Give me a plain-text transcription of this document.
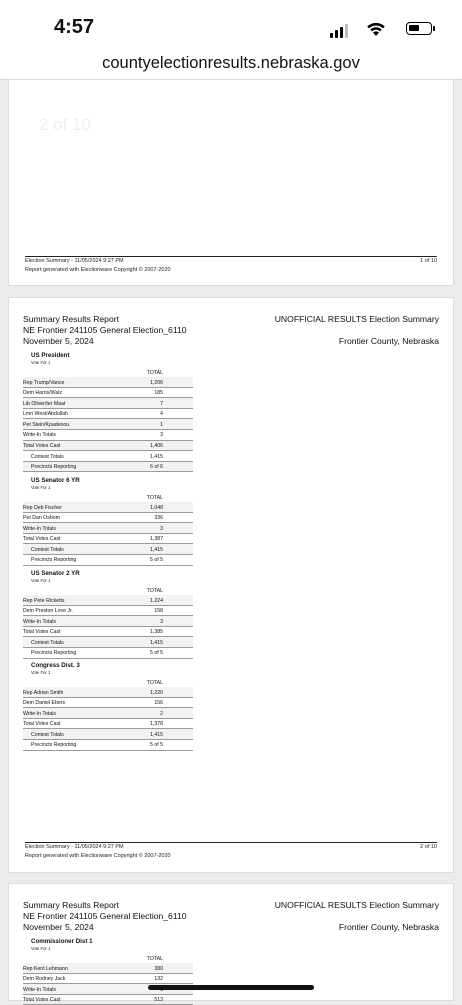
4:57
countyelectionresults.nebraska.gov
2 of 10
Election Summary - 11/05/2024 9:27 PM
Report generated with Electionware Copyright © 2007-2020
1 of 10
Summary Results Report
NE Frontier 241105 General Election_6110
November 5, 2024
UNOFFICIAL RESULTS Election Summary
Frontier County, Nebraska
US President
Vote For 1
TOTAL
Rep Trump/Vance	1,206
Dem Harris/Walz	185
Lib Oliver/ter Maat	7
Lmn West/Abdullah	4
Pet Stein/Kpadenou	1
Write-In Totals	3
Total Votes Cast	1,406
Contest Totals	1,415
Precincts Reporting	6 of 6
US Senator 6 YR
Vote For 1
TOTAL
Rep Deb Fischer	1,048
Pet Dan Osborn	336
Write-In Totals	3
Total Votes Cast	1,387
Contest Totals	1,415
Precincts Reporting	5 of 5
US Senator 2 YR
Vote For 1
TOTAL
Rep Pete Ricketts	1,224
Dem Preston Love Jr.	158
Write-In Totals	3
Total Votes Cast	1,385
Contest Totals	1,415
Precincts Reporting	5 of 5
Congress Dist. 3
Vote For 1
TOTAL
Rep Adrian Smith	1,220
Dem Daniel Ebers	156
Write-In Totals	2
Total Votes Cast	1,378
Contest Totals	1,415
Precincts Reporting	5 of 5
Election Summary - 11/05/2024 9:27 PM
Report generated with Electionware Copyright © 2007-2020
2 of 10
Summary Results Report
NE Frontier 241105 General Election_6110
November 5, 2024
UNOFFICIAL RESULTS Election Summary
Frontier County, Nebraska
Commissioner Dist 1
Vote For 1
TOTAL
Rep Kent Lehmann	380
Dem Rodney Jack	132
Write-In Totals
Total Votes Cast	513
